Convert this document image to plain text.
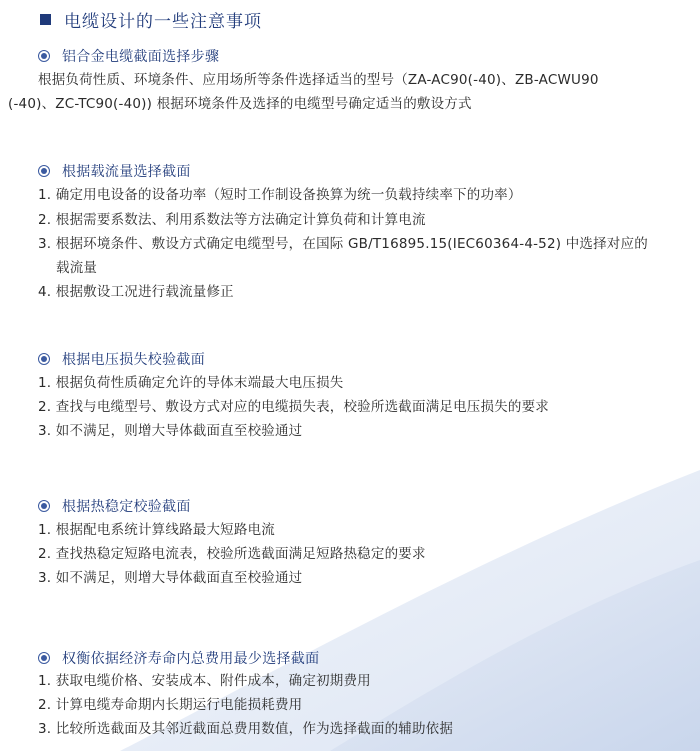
电缆设计的一些注意事项
铝合金电缆截面选择步骤
根据负荷性质、环境条件、应用场所等条件选择适当的型号（ZA-AC90(-40)、ZB-ACWU90
(-40)、ZC-TC90(-40)) 根据环境条件及选择的电缆型号确定适当的敷设方式
根据载流量选择截面
1. 确定用电设备的设备功率（短时工作制设备换算为统一负载持续率下的功率）
2. 根据需要系数法、利用系数法等方法确定计算负荷和计算电流
3. 根据环境条件、敷设方式确定电缆型号，在国际 GB/T16895.15(IEC60364-4-52) 中选择对应的
载流量
4. 根据敷设工况进行载流量修正
根据电压损失校验截面
1. 根据负荷性质确定允许的导体末端最大电压损失
2. 查找与电缆型号、敷设方式对应的电缆损失表，校验所选截面满足电压损失的要求
3. 如不满足，则增大导体截面直至校验通过
根据热稳定校验截面
1. 根据配电系统计算线路最大短路电流
2. 查找热稳定短路电流表，校验所选截面满足短路热稳定的要求
3. 如不满足，则增大导体截面直至校验通过
权衡依据经济寿命内总费用最少选择截面
1. 获取电缆价格、安装成本、附件成本，确定初期费用
2. 计算电缆寿命期内长期运行电能损耗费用
3. 比较所选截面及其邻近截面总费用数值，作为选择截面的辅助依据
